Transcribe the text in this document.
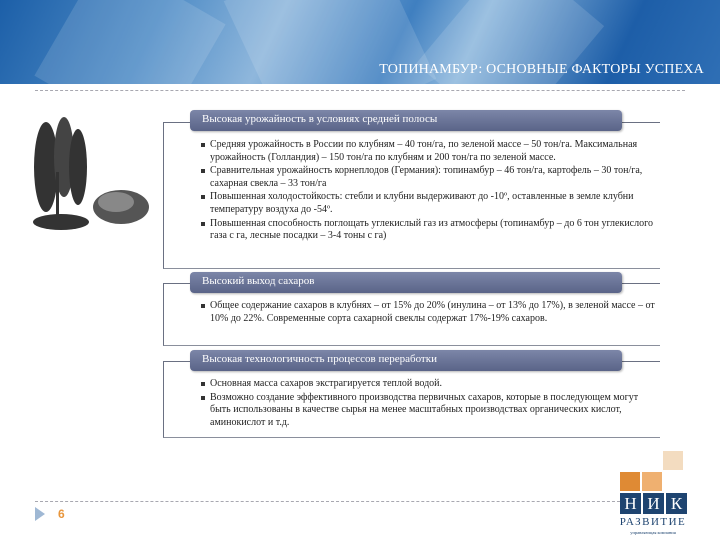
ТОПИНАМБУР: ОСНОВНЫЕ ФАКТОРЫ УСПЕХА
Высокая урожайность в условиях средней полосы
Средняя урожайность в России по клубням – 40 тон/га, по зеленой массе – 50 тон/га. Максимальная урожайность (Голландия) – 150 тон/га по клубням и 200 тон/га по зеленой массе.
Сравнительная урожайность корнеплодов (Германия): топинамбур – 46 тон/га, картофель – 30 тон/га, сахарная свекла – 33 тон/га
Повышенная холодостойкость: стебли и клубни выдерживают до -10º, оставленные в земле клубни температуру воздуха до -54º.
Повышенная способность поглощать углекислый газ из атмосферы (топинамбур – до 6 тон углекислого газа с га, лесные посадки – 3-4 тоны с га)
Высокий выход сахаров
Общее содержание сахаров в клубнях – от 15% до 20% (инулина – от 13% до 17%), в зеленой массе – от 10% до 22%. Современные сорта сахарной свеклы содержат 17%-19% сахаров.
Высокая технологичность процессов переработки
Основная масса сахаров экстрагируется теплой водой.
Возможно создание эффективного производства первичных сахаров, которые в последующем могут быть использованы в качестве сырья на менее масштабных производствах органических кислот, аминокислот и т.д.
6
Н И К
РАЗВИТИЕ
управляющая компания
